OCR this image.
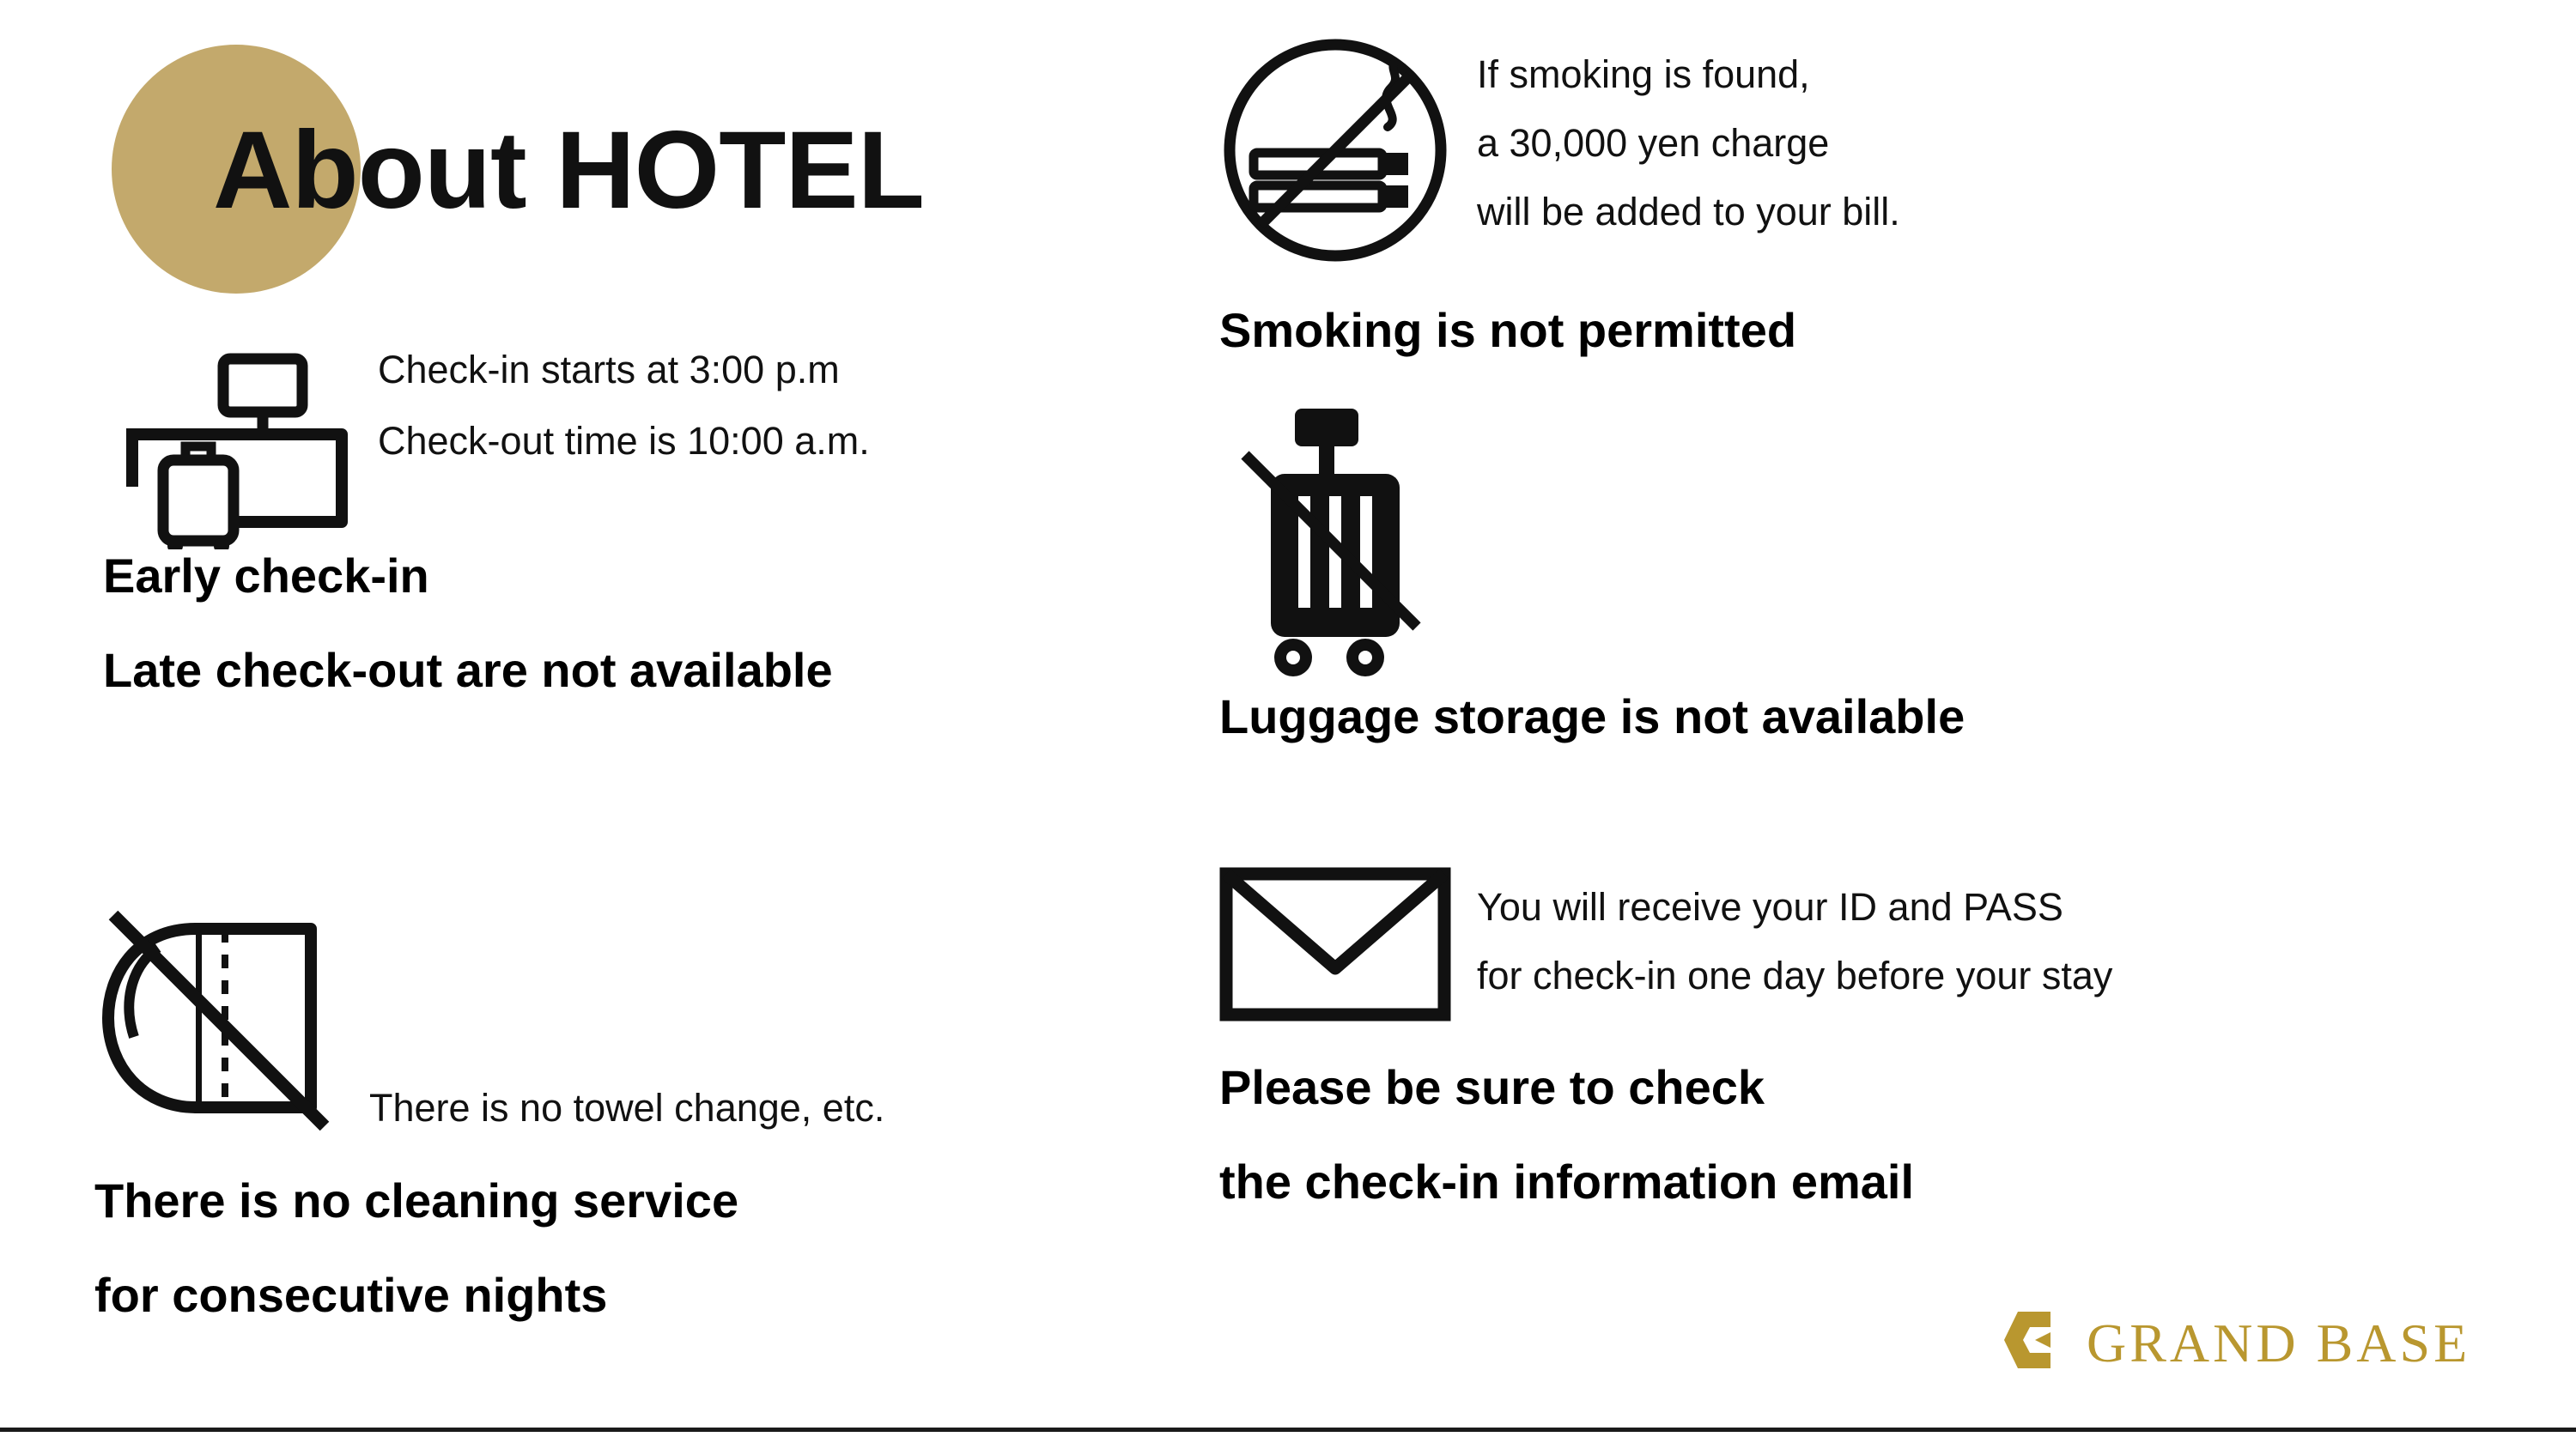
About HOTEL
Check-in starts at 3:00 p.m
Check-out time is 10:00 a.m.
Early check-in
Late check-out are not available
There is no towel change, etc.
There is no cleaning service
for consecutive nights
If smoking is found,
a 30,000 yen charge
will be added to your bill.
Smoking is not permitted
Luggage storage is not available
You will receive your ID and PASS
for check-in one day before your stay
Please be sure to check
the check-in information email
GRAND BASE
